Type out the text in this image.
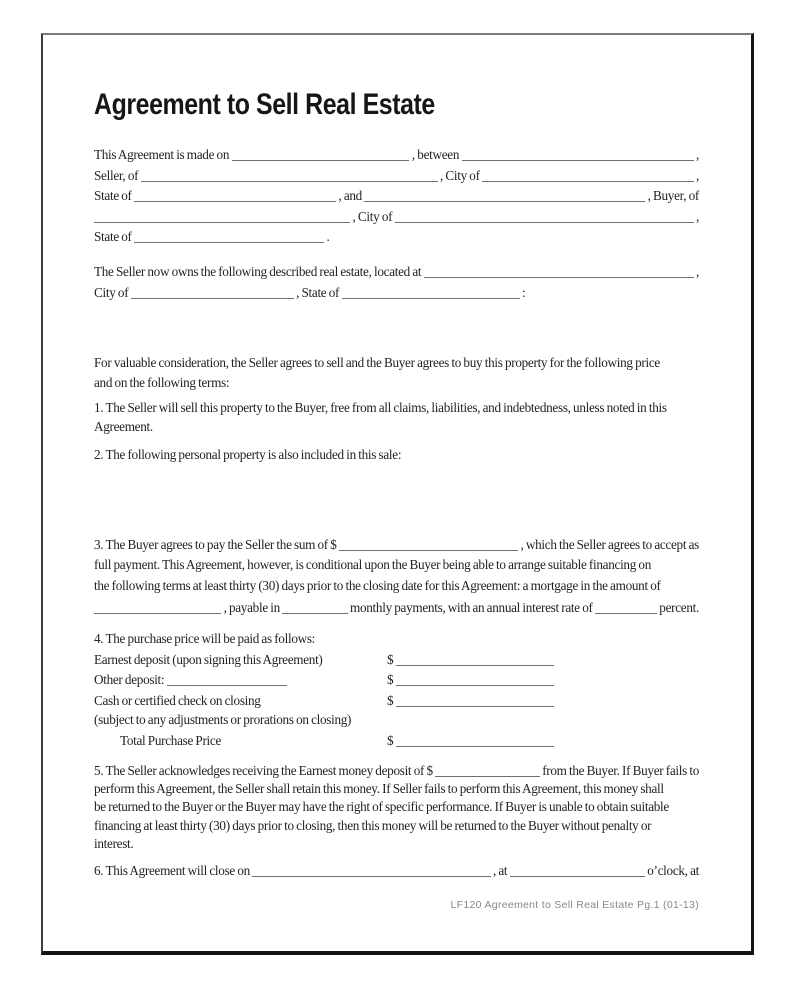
Agreement to Sell Real Estate
This Agreement is made on	, between	,
Seller, of	, City of	,
State of	, and	, Buyer, of
, City of	,
State of	.
The Seller now owns the following described real estate, located at	,
City of	, State of	:
For valuable consideration, the Seller agrees to sell and the Buyer agrees to buy this property for the following price
and on the following terms:
1. The Seller will sell this property to the Buyer, free from all claims, liabilities, and indebtedness, unless noted in this
Agreement.
2. The following personal property is also included in this sale:
3. The Buyer agrees to pay the Seller the sum of $	, which the Seller agrees to accept as
full payment. This Agreement, however, is conditional upon the Buyer being able to arrange suitable financing on
the following terms at least thirty (30) days prior to the closing date for this Agreement: a mortgage in the amount of
, payable in	monthly payments, with an annual interest rate of	percent.
4. The purchase price will be paid as follows:
Earnest deposit (upon signing this Agreement)	$
Other deposit:	$
Cash or certified check on closing	$
(subject to any adjustments or prorations on closing)
Total Purchase Price	$
5. The Seller acknowledges receiving the Earnest money deposit of $	from the Buyer. If Buyer fails to
perform this Agreement, the Seller shall retain this money. If Seller fails to perform this Agreement, this money shall
be returned to the Buyer or the Buyer may have the right of specific performance. If Buyer is unable to obtain suitable
financing at least thirty (30) days prior to closing, then this money will be returned to the Buyer without penalty or
interest.
6. This Agreement will close on	, at	o’clock, at
LF120 Agreement to Sell Real Estate Pg.1 (01-13)
